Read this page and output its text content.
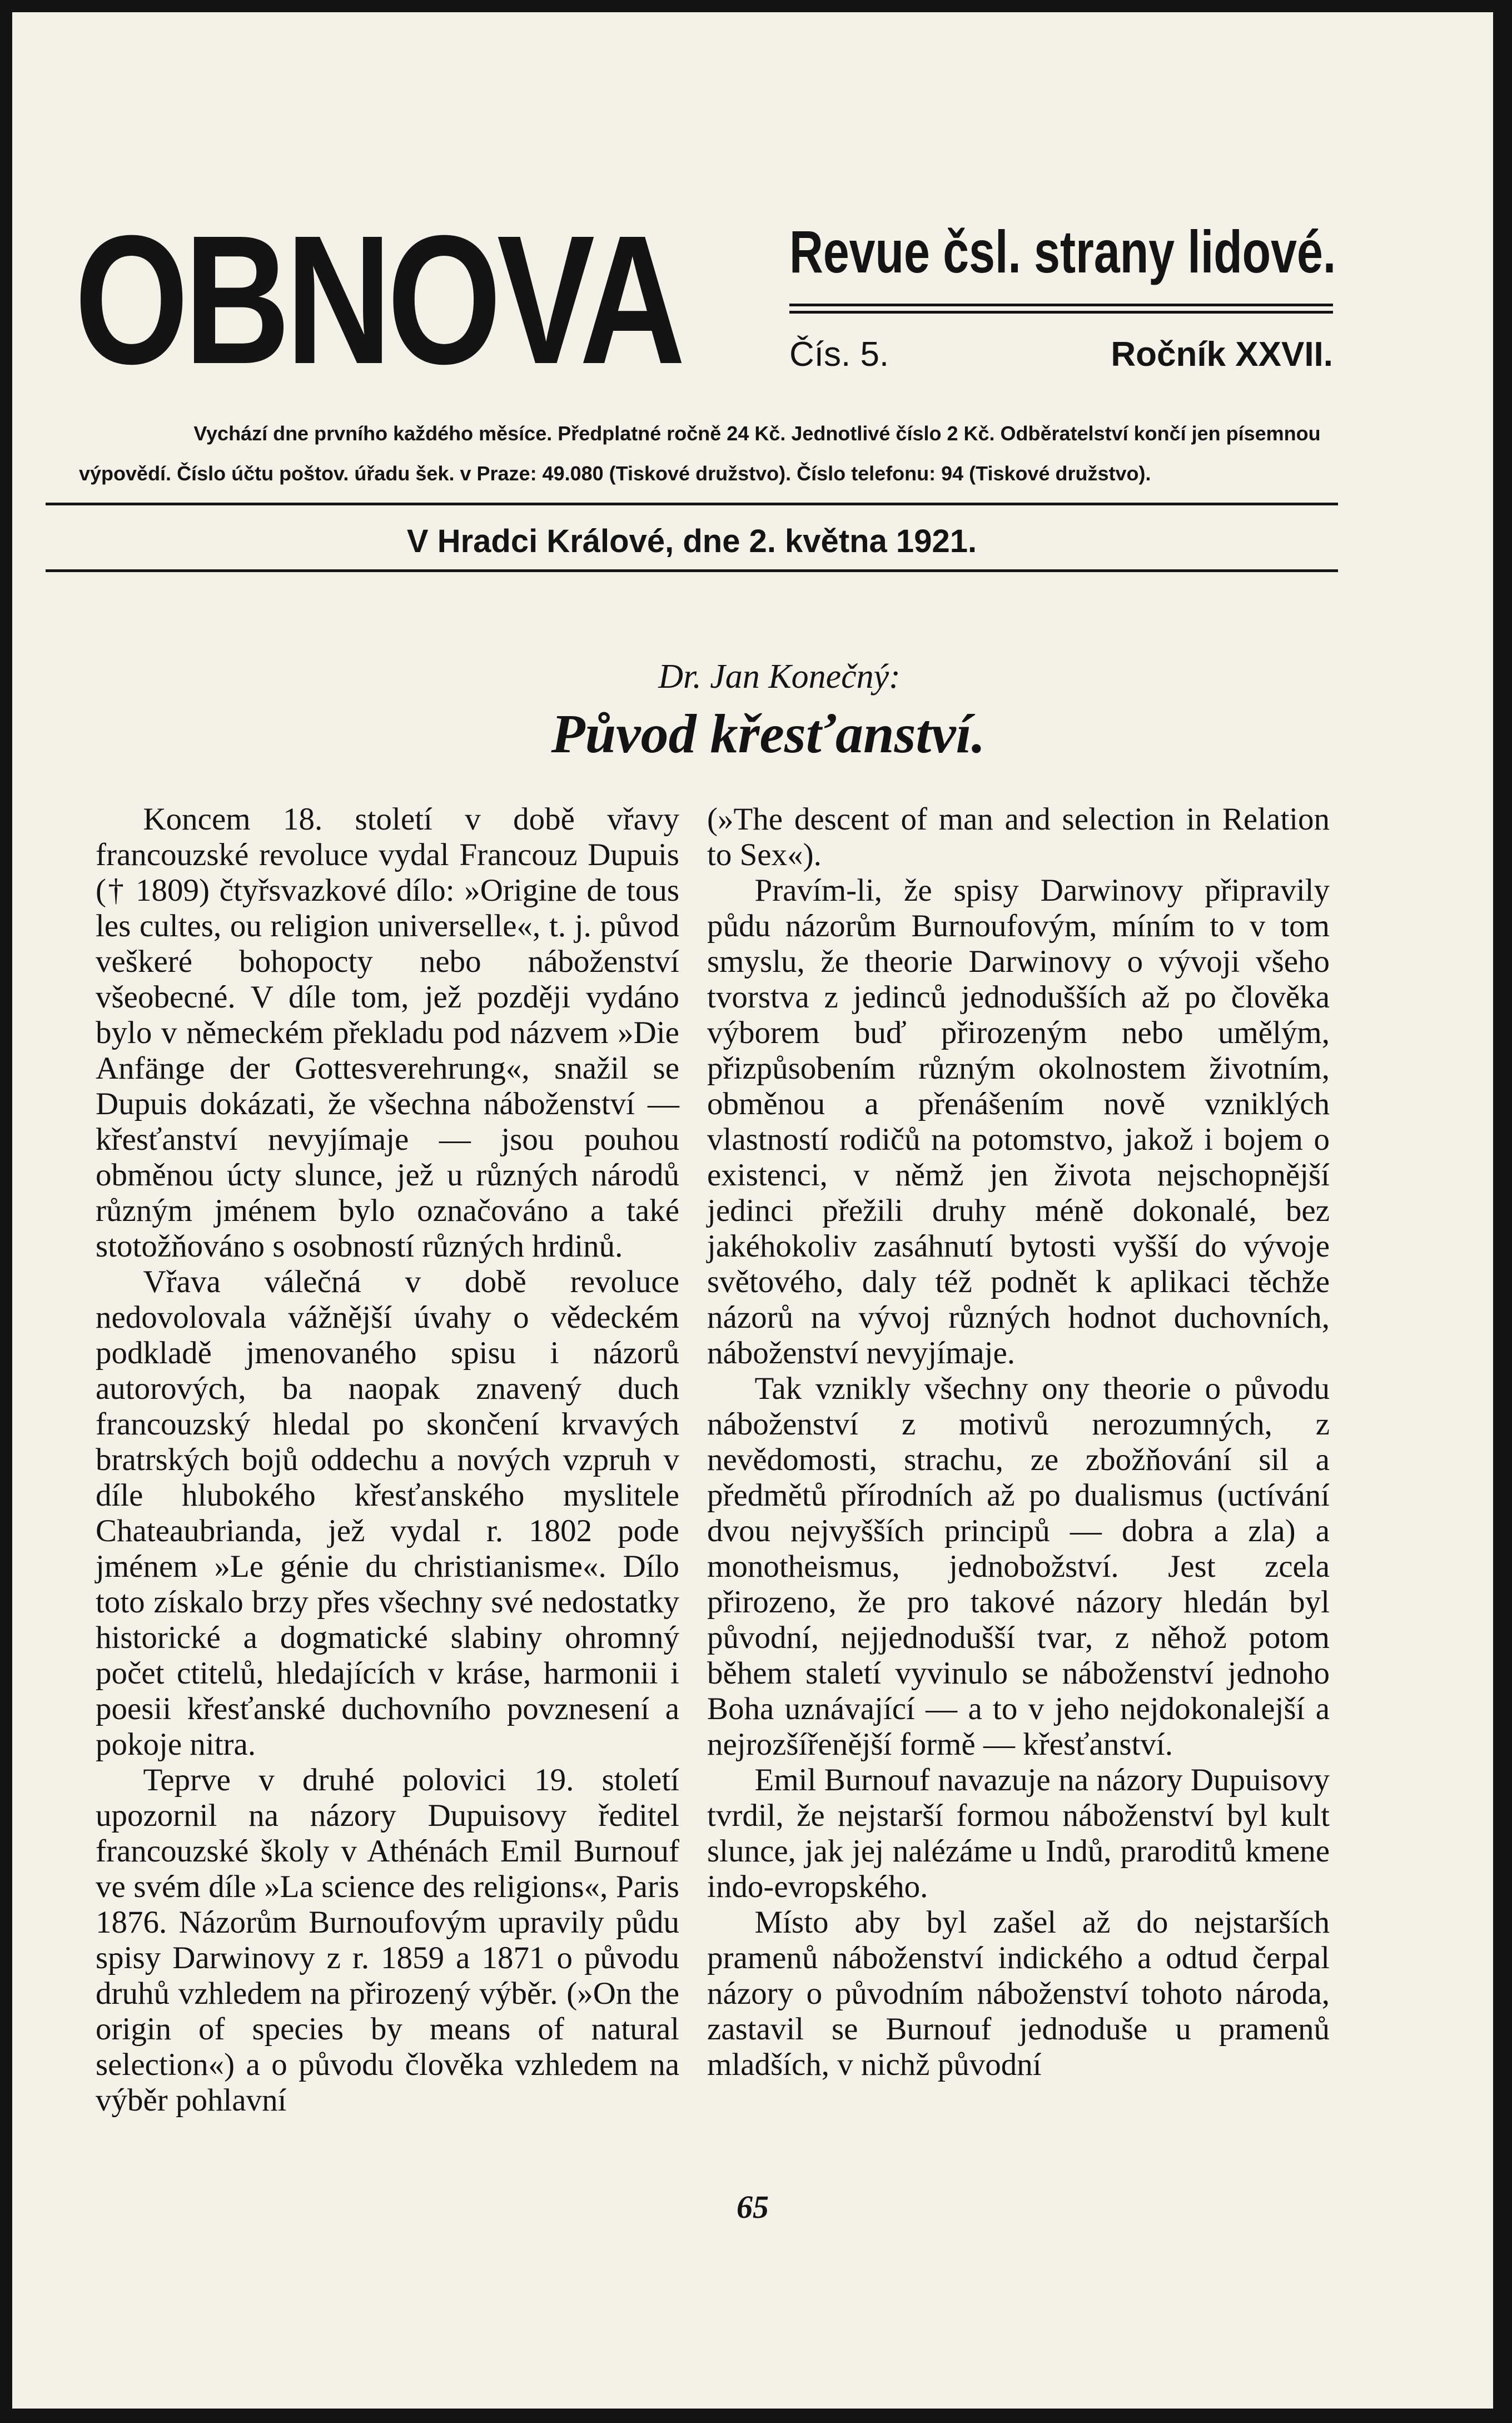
OBNOVA Revue čsl. strany lidové.
Čís. 5.	Ročník XXVII.

Vychází dne prvního každého měsíce. Předplatné ročně 24 Kč. Jednotlivé číslo 2 Kč. Odběratelství končí jen písemnou

výpovědí. Číslo účtu poštov. úřadu šek. v Praze: 49.080 (Tiskové družstvo). Číslo telefonu: 94 (Tiskové družstvo).

V Hradci Králové, dne 2. května 1921.

Dr. Jan Konečný:

Původ křesťanství.

Koncem 18. století v době vřavy francouzské revoluce vydal Francouz Dupuis († 1809) čtyřsvazkové dílo: »Origine de tous les cultes, ou religion universelle«, t. j. původ veškeré bohopocty nebo náboženství všeobecné. V díle tom, jež později vydáno bylo v německém překladu pod názvem »Die Anfänge der Gottesverehrung«, snažil se Dupuis dokázati, že všechna náboženství — křesťanství nevyjímaje — jsou pouhou obměnou úcty slunce, jež u různých národů různým jménem bylo označováno a také stotožňováno s osobností různých hrdinů.

Vřava válečná v době revoluce nedovolovala vážnější úvahy o vědeckém podkladě jmenovaného spisu i názorů autorových, ba naopak znavený duch francouzský hledal po skončení krvavých bratrských bojů oddechu a nových vzpruh v díle hlubokého křesťanského myslitele Chateaubrianda, jež vydal r. 1802 pode jménem »Le génie du christianisme«. Dílo toto získalo brzy přes všechny své nedostatky historické a dogmatické slabiny ohromný počet ctitelů, hledajících v kráse, harmonii i poesii křesťanské duchovního povznesení a pokoje nitra.

Teprve v druhé polovici 19. století upozornil na názory Dupuisovy ředitel francouzské školy v Athénách Emil Burnouf ve svém díle »La science des religions«, Paris 1876. Názorům Burnoufovým upravily půdu spisy Darwinovy z r. 1859 a 1871 o původu druhů vzhledem na přirozený výběr. (»On the origin of species by means of natural selection«) a o původu člověka vzhledem na výběr pohlavní

(»The descent of man and selection in Relation to Sex«).

Pravím-li, že spisy Darwinovy připravily půdu názorům Burnoufovým, míním to v tom smyslu, že theorie Darwinovy o vývoji všeho tvorstva z jedinců jednodušších až po člověka výborem buď přirozeným nebo umělým, přizpůsobením různým okolnostem životním, obměnou a přenášením nově vzniklých vlastností rodičů na potomstvo, jakož i bojem o existenci, v němž jen života nejschopnější jedinci přežili druhy méně dokonalé, bez jakéhokoliv zasáhnutí bytosti vyšší do vývoje světového, daly též podnět k aplikaci těchže názorů na vývoj různých hodnot duchovních, náboženství nevyjímaje.

Tak vznikly všechny ony theorie o původu náboženství z motivů nerozumných, z nevědomosti, strachu, ze zbožňování sil a předmětů přírodních až po dualismus (uctívání dvou nejvyšších principů — dobra a zla) a monotheismus, jednobožství. Jest zcela přirozeno, že pro takové názory hledán byl původní, nejjednodušší tvar, z něhož potom během staletí vyvinulo se náboženství jednoho Boha uznávající — a to v jeho nejdokonalejší a nejrozšířenější formě — křesťanství.

Emil Burnouf navazuje na názory Dupuisovy tvrdil, že nejstarší formou náboženství byl kult slunce, jak jej nalézáme u Indů, praroditů kmene indo-evropského.

Místo aby byl zašel až do nejstarších pramenů náboženství indického a odtud čerpal názory o původním náboženství tohoto národa, zastavil se Burnouf jednoduše u pramenů mladších, v nichž původní

65
